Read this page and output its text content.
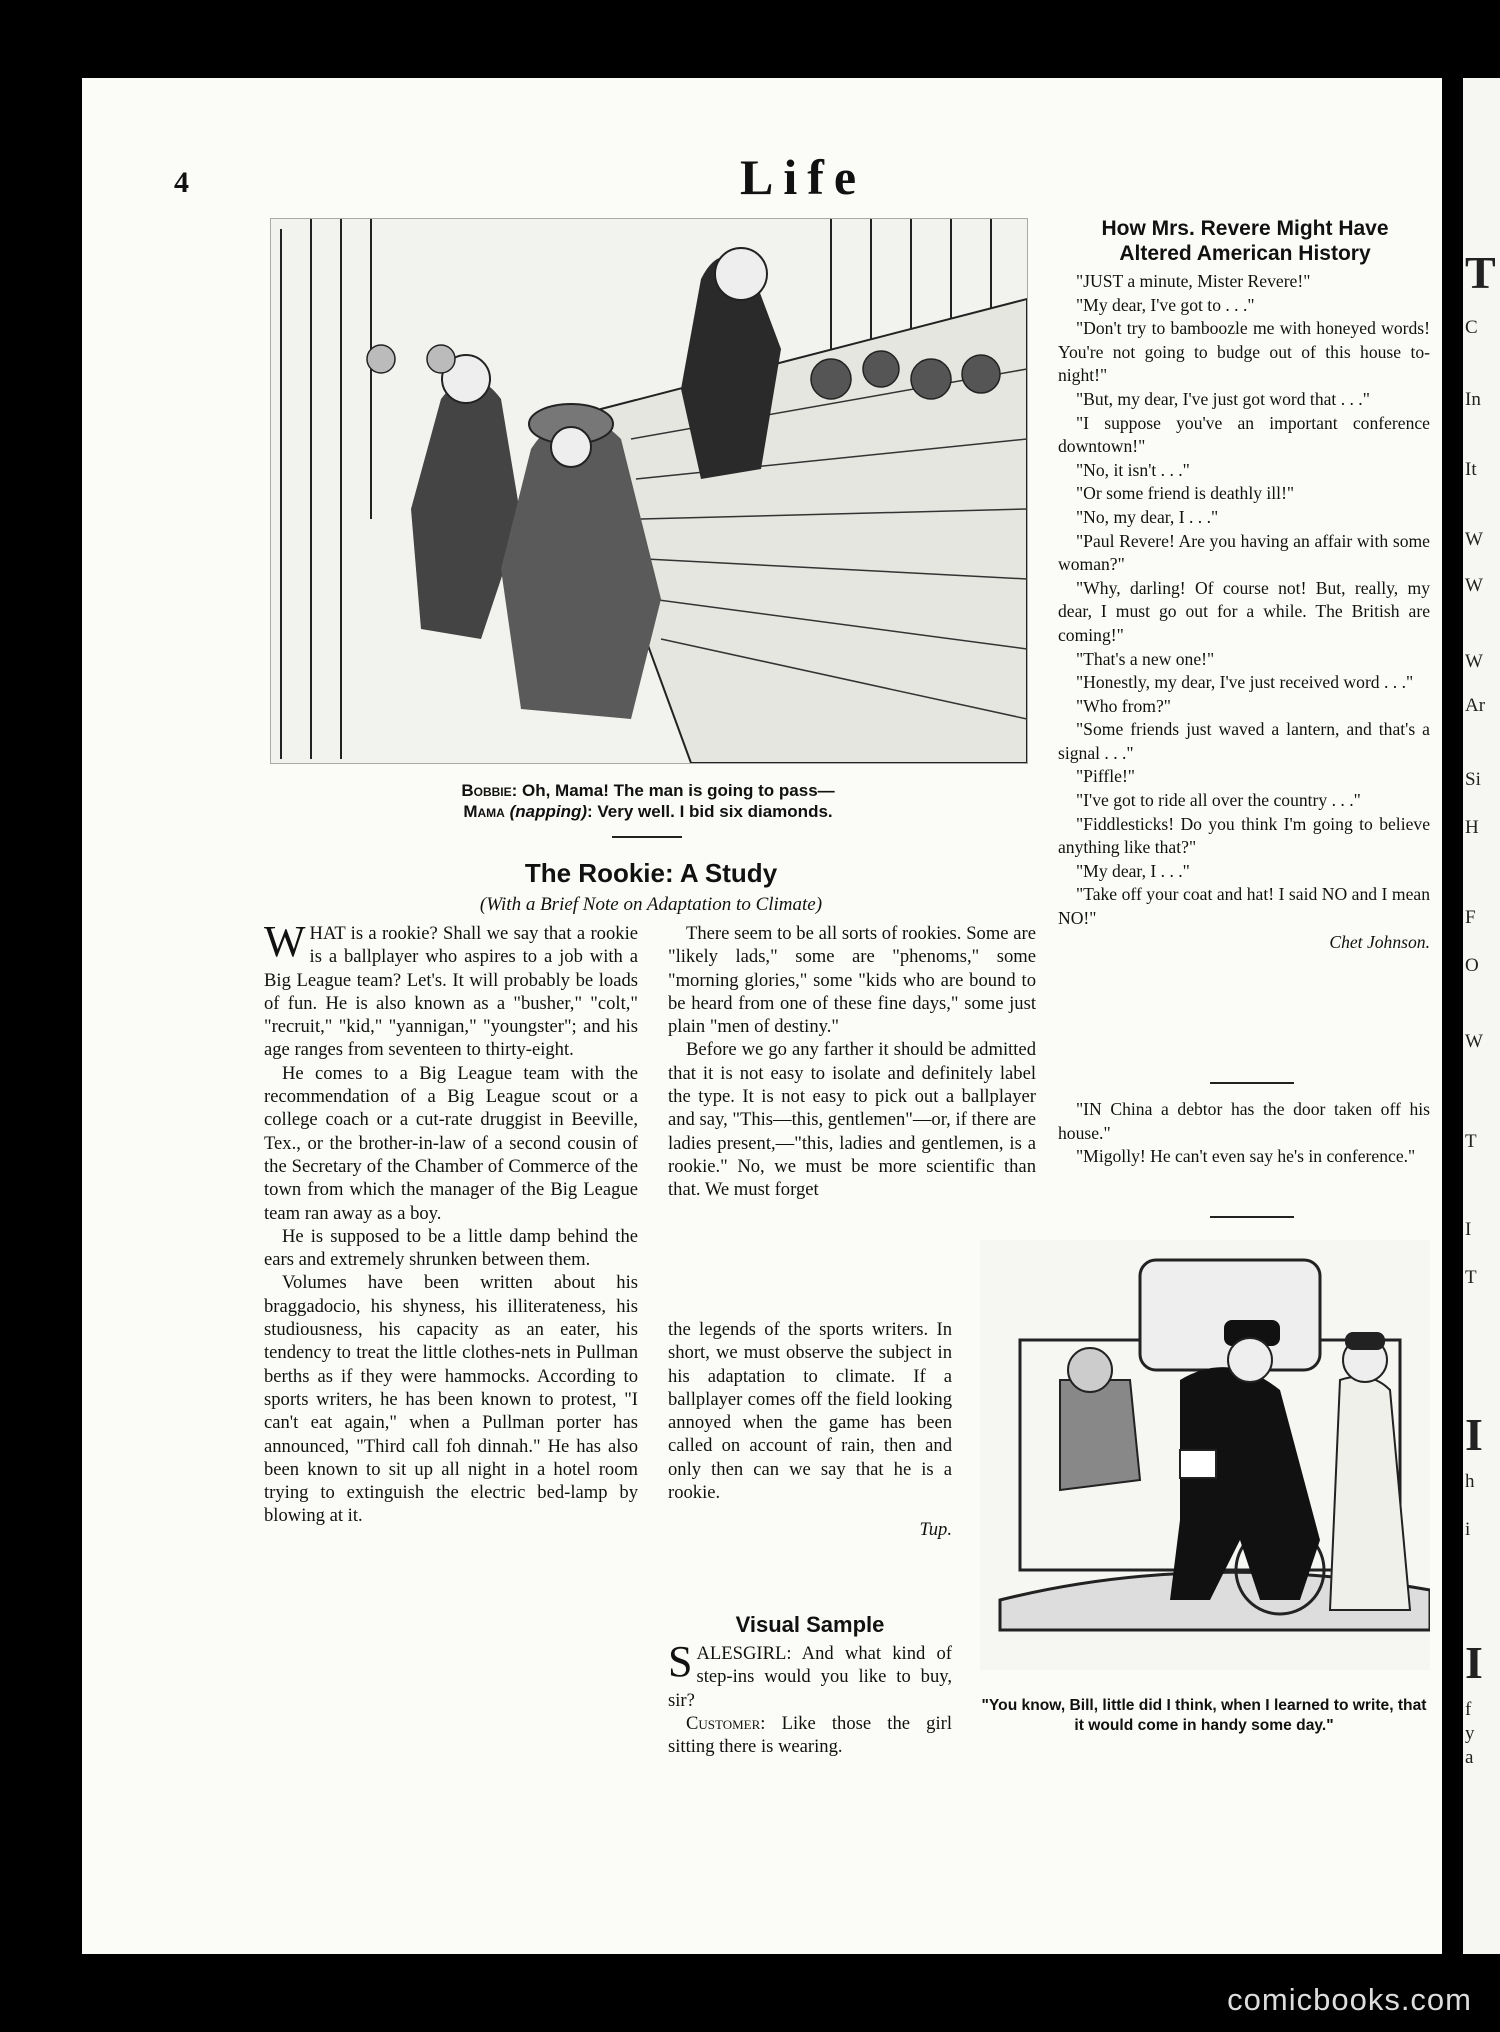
T
C
In
It
W
W
W
Ar
Si
H
F
O
W
T
I
T
I
h
i
I
f
y
a
4	Life
Bobbie: Oh, Mama! The man is going to pass—
Mama (napping): Very well. I bid six diamonds.
The Rookie: A Study
(With a Brief Note on Adaptation to Climate)

WHAT is a rookie? Shall we say that a rookie is a ballplayer who aspires to a job with a Big League team? Let's. It will probably be loads of fun. He is also known as a "busher," "colt," "recruit," "kid," "yannigan," "youngster"; and his age ranges from seventeen to thirty-eight.

He comes to a Big League team with the recommendation of a Big League scout or a college coach or a cut-rate druggist in Beeville, Tex., or the brother-in-law of a second cousin of the Secretary of the Chamber of Commerce of the town from which the manager of the Big League team ran away as a boy.

He is supposed to be a little damp behind the ears and extremely shrunken between them.

Volumes have been written about his braggadocio, his shyness, his illiterateness, his studiousness, his capacity as an eater, his tendency to treat the little clothes-nets in Pullman berths as if they were hammocks. According to sports writers, he has been known to protest, "I can't eat again," when a Pullman porter has announced, "Third call foh dinnah." He has also been known to sit up all night in a hotel room trying to extinguish the electric bed-lamp by blowing at it.

There seem to be all sorts of rookies. Some are "likely lads," some are "phenoms," some "morning glories," some "kids who are bound to be heard from one of these fine days," some just plain "men of destiny."

Before we go any farther it should be admitted that it is not easy to isolate and definitely label the type. It is not easy to pick out a ballplayer and say, "This—this, gentlemen"—or, if there are ladies present,—"this, ladies and gentlemen, is a rookie." No, we must be more scientific than that. We must forget

the legends of the sports writers. In short, we must observe the subject in his adaptation to climate. If a ballplayer comes off the field looking annoyed when the game has been called on account of rain, then and only then can we say that he is a rookie.

Tup.
Visual Sample

SALESGIRL: And what kind of step-ins would you like to buy, sir?

Customer: Like those the girl sitting there is wearing.

How Mrs. Revere Might Have
Altered American History

"JUST a minute, Mister Revere!"

"My dear, I've got to . . ."

"Don't try to bamboozle me with honeyed words! You're not going to budge out of this house to-night!"

"But, my dear, I've just got word that . . ."

"I suppose you've an important conference downtown!"

"No, it isn't . . ."

"Or some friend is deathly ill!"

"No, my dear, I . . ."

"Paul Revere! Are you having an affair with some woman?"

"Why, darling! Of course not! But, really, my dear, I must go out for a while. The British are coming!"

"That's a new one!"

"Honestly, my dear, I've just received word . . ."

"Who from?"

"Some friends just waved a lantern, and that's a signal . . ."

"Piffle!"

"I've got to ride all over the country . . ."

"Fiddlesticks! Do you think I'm going to believe anything like that?"

"My dear, I . . ."

"Take off your coat and hat! I said NO and I mean NO!"

Chet Johnson.

"IN China a debtor has the door taken off his house."

"Migolly! He can't even say he's in conference."

"You know, Bill, little did I think, when I learned to write, that it would come in handy some day."
comicbooks.com
